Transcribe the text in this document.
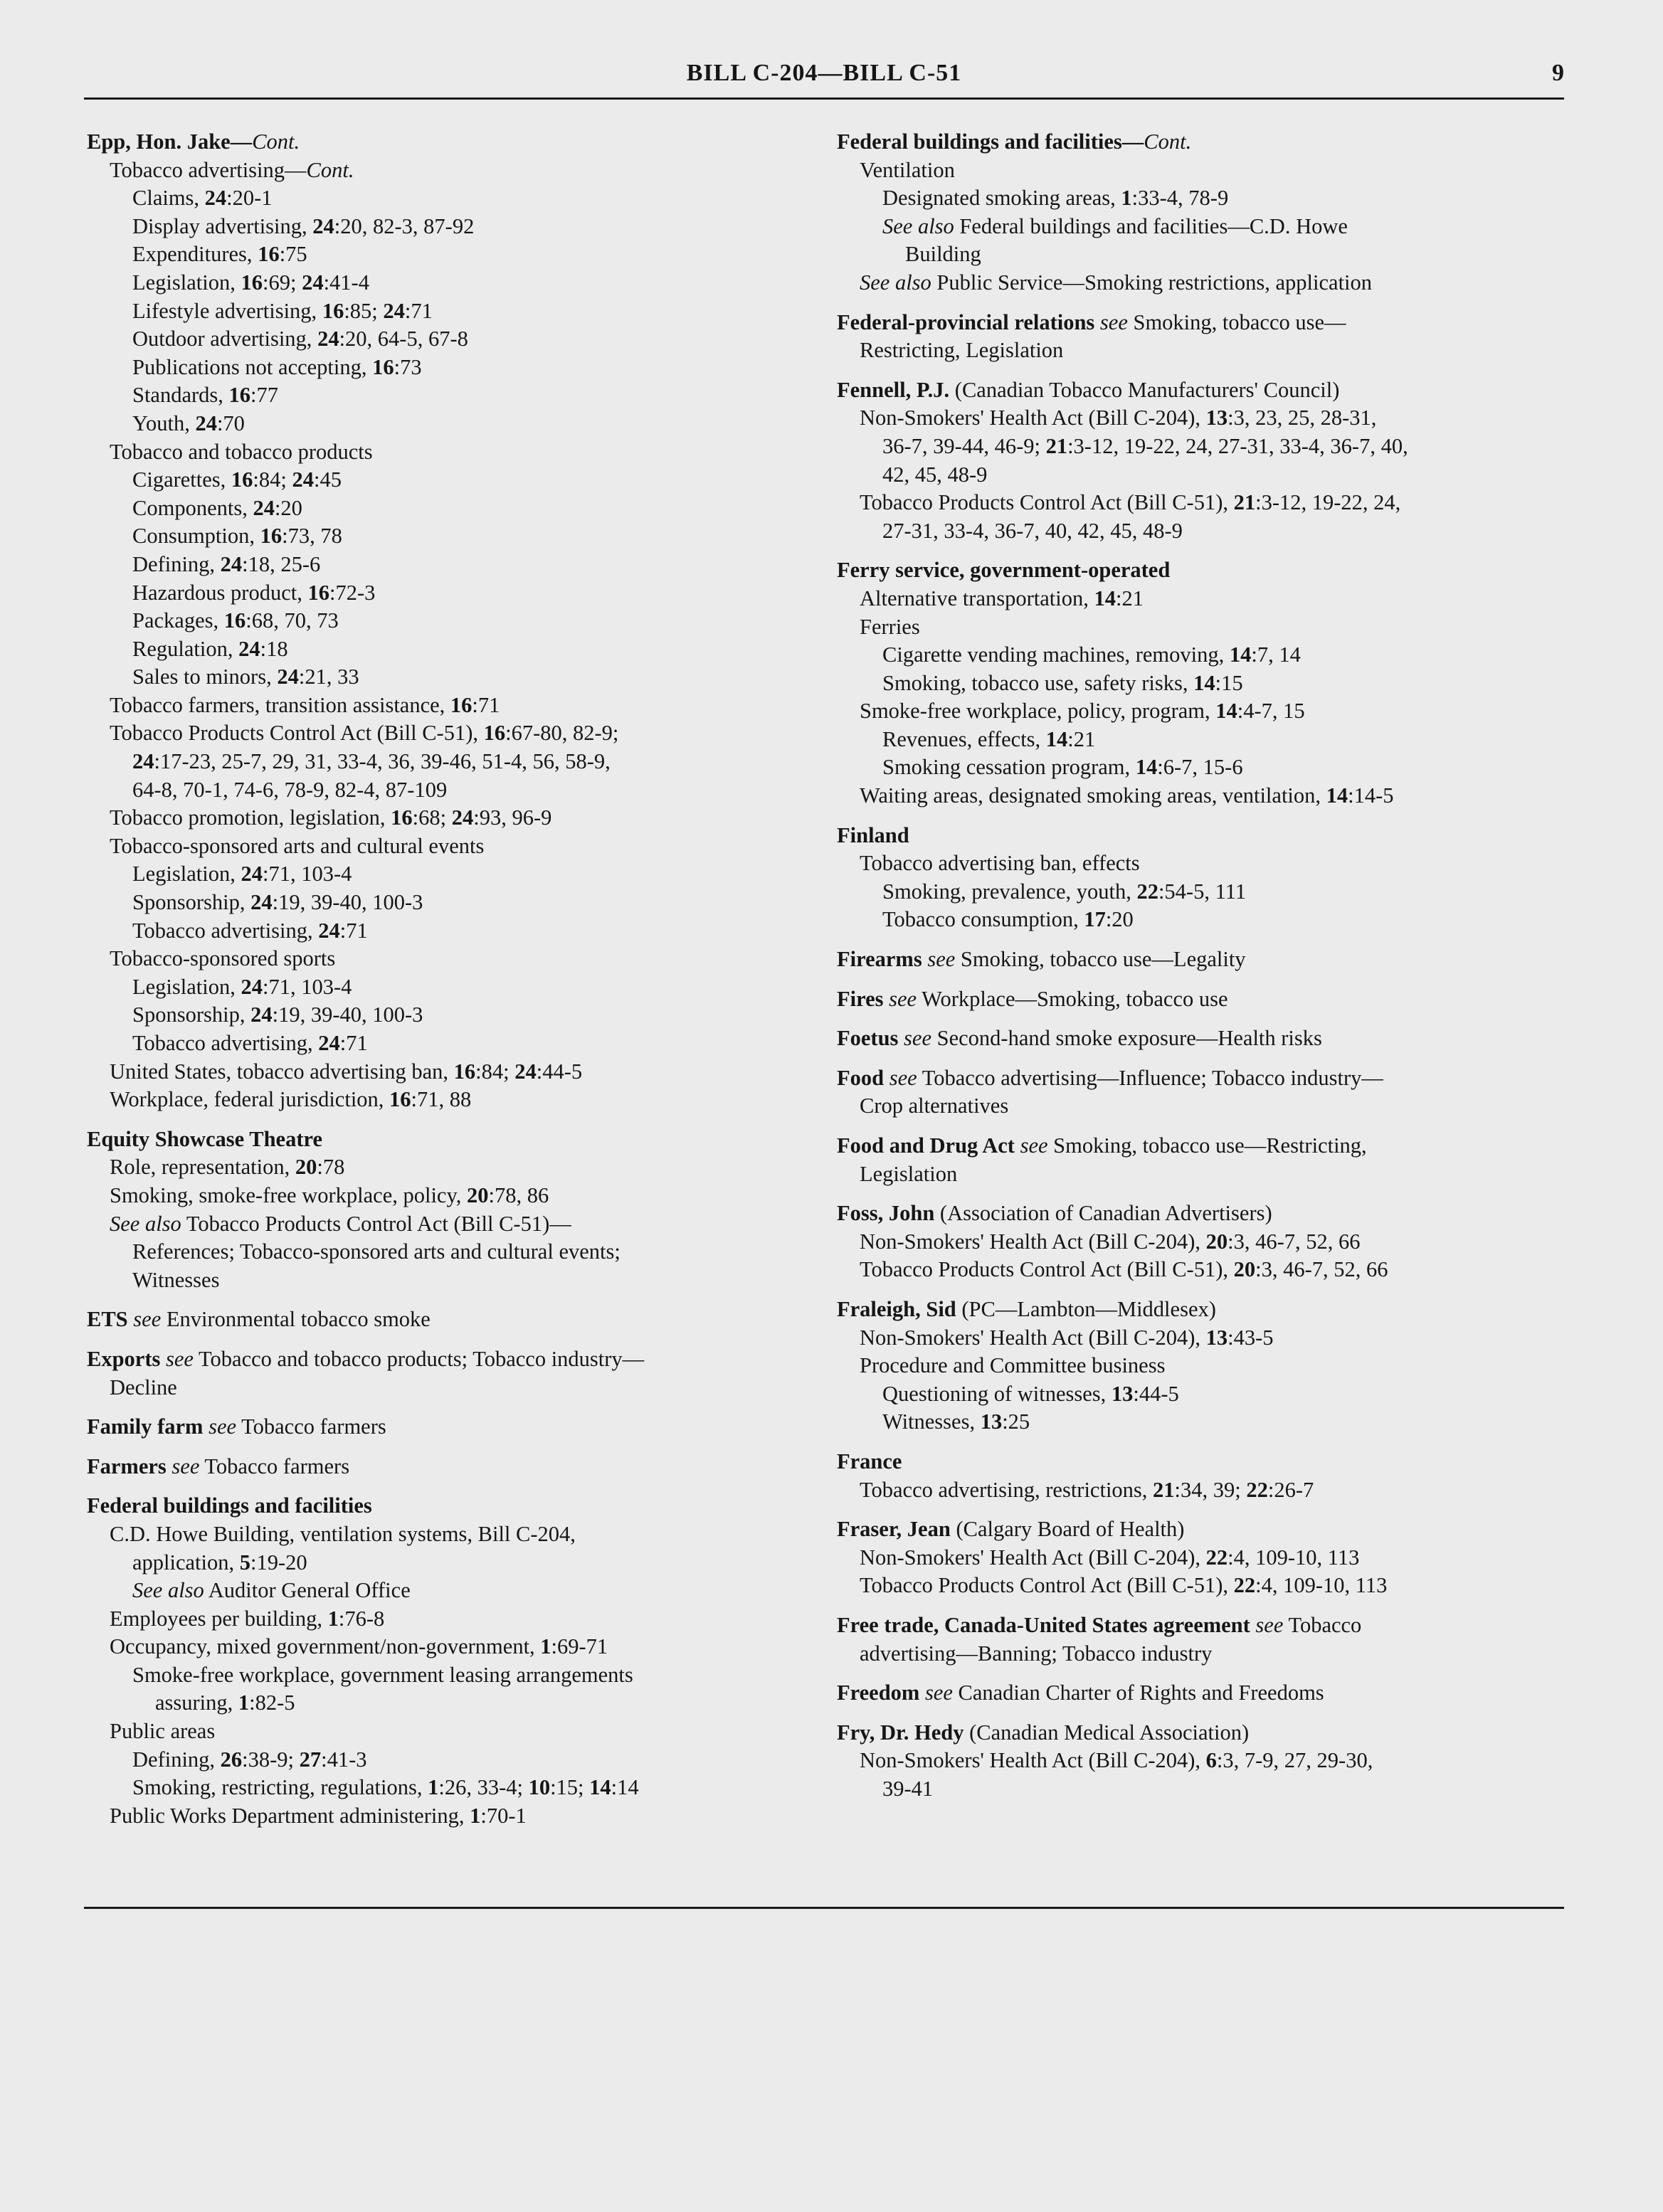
BILL C-204—BILL C-51	9
Epp, Hon. Jake—Cont.
Tobacco advertising—Cont.
Claims, 24:20-1
Display advertising, 24:20, 82-3, 87-92
Expenditures, 16:75
Legislation, 16:69; 24:41-4
Lifestyle advertising, 16:85; 24:71
Outdoor advertising, 24:20, 64-5, 67-8
Publications not accepting, 16:73
Standards, 16:77
Youth, 24:70
Tobacco and tobacco products
Cigarettes, 16:84; 24:45
Components, 24:20
Consumption, 16:73, 78
Defining, 24:18, 25-6
Hazardous product, 16:72-3
Packages, 16:68, 70, 73
Regulation, 24:18
Sales to minors, 24:21, 33
Tobacco farmers, transition assistance, 16:71
Tobacco Products Control Act (Bill C-51), 16:67-80, 82-9;
24:17-23, 25-7, 29, 31, 33-4, 36, 39-46, 51-4, 56, 58-9,
64-8, 70-1, 74-6, 78-9, 82-4, 87-109
Tobacco promotion, legislation, 16:68; 24:93, 96-9
Tobacco-sponsored arts and cultural events
Legislation, 24:71, 103-4
Sponsorship, 24:19, 39-40, 100-3
Tobacco advertising, 24:71
Tobacco-sponsored sports
Legislation, 24:71, 103-4
Sponsorship, 24:19, 39-40, 100-3
Tobacco advertising, 24:71
United States, tobacco advertising ban, 16:84; 24:44-5
Workplace, federal jurisdiction, 16:71, 88
Equity Showcase Theatre
Role, representation, 20:78
Smoking, smoke-free workplace, policy, 20:78, 86
See also Tobacco Products Control Act (Bill C-51)—
References; Tobacco-sponsored arts and cultural events;
Witnesses
ETS see Environmental tobacco smoke
Exports see Tobacco and tobacco products; Tobacco industry—
Decline
Family farm see Tobacco farmers
Farmers see Tobacco farmers
Federal buildings and facilities
C.D. Howe Building, ventilation systems, Bill C-204,
application, 5:19-20
See also Auditor General Office
Employees per building, 1:76-8
Occupancy, mixed government/non-government, 1:69-71
Smoke-free workplace, government leasing arrangements
assuring, 1:82-5
Public areas
Defining, 26:38-9; 27:41-3
Smoking, restricting, regulations, 1:26, 33-4; 10:15; 14:14
Public Works Department administering, 1:70-1
Federal buildings and facilities—Cont.
Ventilation
Designated smoking areas, 1:33-4, 78-9
See also Federal buildings and facilities—C.D. Howe
Building
See also Public Service—Smoking restrictions, application
Federal-provincial relations see Smoking, tobacco use—
Restricting, Legislation
Fennell, P.J. (Canadian Tobacco Manufacturers' Council)
Non-Smokers' Health Act (Bill C-204), 13:3, 23, 25, 28-31,
36-7, 39-44, 46-9; 21:3-12, 19-22, 24, 27-31, 33-4, 36-7, 40,
42, 45, 48-9
Tobacco Products Control Act (Bill C-51), 21:3-12, 19-22, 24,
27-31, 33-4, 36-7, 40, 42, 45, 48-9
Ferry service, government-operated
Alternative transportation, 14:21
Ferries
Cigarette vending machines, removing, 14:7, 14
Smoking, tobacco use, safety risks, 14:15
Smoke-free workplace, policy, program, 14:4-7, 15
Revenues, effects, 14:21
Smoking cessation program, 14:6-7, 15-6
Waiting areas, designated smoking areas, ventilation, 14:14-5
Finland
Tobacco advertising ban, effects
Smoking, prevalence, youth, 22:54-5, 111
Tobacco consumption, 17:20
Firearms see Smoking, tobacco use—Legality
Fires see Workplace—Smoking, tobacco use
Foetus see Second-hand smoke exposure—Health risks
Food see Tobacco advertising—Influence; Tobacco industry—
Crop alternatives
Food and Drug Act see Smoking, tobacco use—Restricting,
Legislation
Foss, John (Association of Canadian Advertisers)
Non-Smokers' Health Act (Bill C-204), 20:3, 46-7, 52, 66
Tobacco Products Control Act (Bill C-51), 20:3, 46-7, 52, 66
Fraleigh, Sid (PC—Lambton—Middlesex)
Non-Smokers' Health Act (Bill C-204), 13:43-5
Procedure and Committee business
Questioning of witnesses, 13:44-5
Witnesses, 13:25
France
Tobacco advertising, restrictions, 21:34, 39; 22:26-7
Fraser, Jean (Calgary Board of Health)
Non-Smokers' Health Act (Bill C-204), 22:4, 109-10, 113
Tobacco Products Control Act (Bill C-51), 22:4, 109-10, 113
Free trade, Canada-United States agreement see Tobacco
advertising—Banning; Tobacco industry
Freedom see Canadian Charter of Rights and Freedoms
Fry, Dr. Hedy (Canadian Medical Association)
Non-Smokers' Health Act (Bill C-204), 6:3, 7-9, 27, 29-30,
39-41
